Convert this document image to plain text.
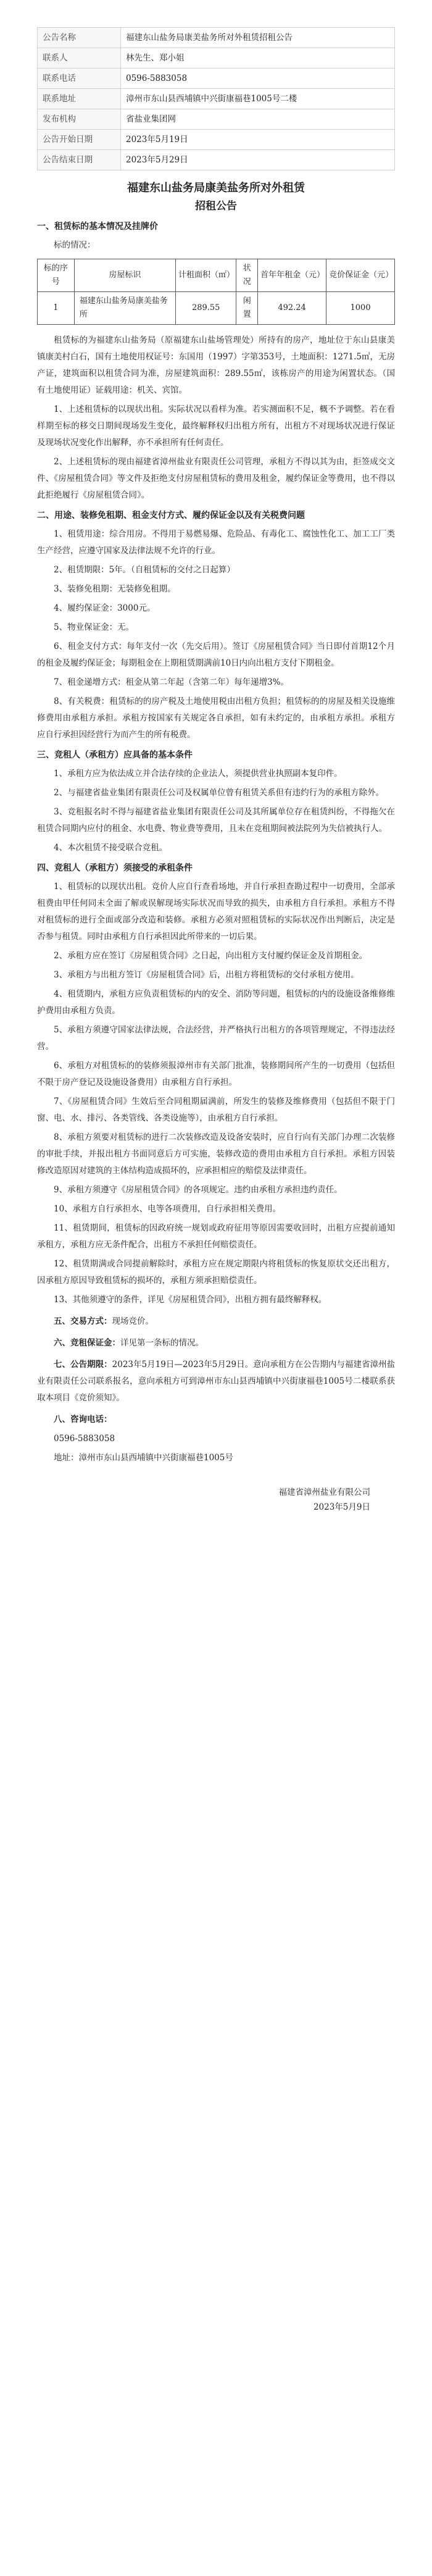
公告名称	福建东山盐务局康美盐务所对外租赁招租公告
联系人	林先生、郑小姐
联系电话	0596-5883058
联系地址	漳州市东山县西埔镇中兴街康福巷1005号二楼
发布机构	省盐业集团网
公告开始日期	2023年5月19日
公告结束日期	2023年5月29日
福建东山盐务局康美盐务所对外租赁
招租公告
一、租赁标的基本情况及挂牌价

标的情况：

标的序号	房屋标识	计租面积（㎡）	状况	首年年租金（元）	竞价保证金（元）
1	福建东山盐务局康美盐务所	289.55	闲置	492.24	1000

租赁标的为福建东山盐务局（原福建东山盐场管理处）所持有的房产，地址位于东山县康美镇康美村白石，国有土地使用权证号：东国用（1997）字第353号，土地面积：1271.5㎡，无房产证，建筑面积以租赁合同为准，房屋建筑面积：289.55㎡，该栋房产的用途为闲置状态。（国有土地使用证）证载用途：机关、宾馆。

1、上述租赁标的以现状出租。实际状况以看样为准。若实测面积不足，概不予调整。若在看样期至标的移交日期间现场发生变化，最终解释权归出租方所有，出租方不对现场状况进行保证及现场状况变化作出解释，亦不承担所有任何责任。

2、上述租赁标的现由福建省漳州盐业有限责任公司管理，承租方不得以其为由，拒签成交文件、《房屋租赁合同》等文件及拒绝支付房屋租赁标的费用及租金，履约保证金等费用，也不得以此拒绝履行《房屋租赁合同》。

二、用途、装修免租期、租金支付方式、履约保证金以及有关税费问题

1、租赁用途：综合用房。不得用于易燃易爆、危险品、有毒化工、腐蚀性化工、加工工厂类生产经营，应遵守国家及法律法规不允许的行业。

2、租赁期限：5年。（自租赁标的交付之日起算）

3、装修免租期：无装修免租期。

4、履约保证金：3000元。

5、物业保证金：无。

6、租金支付方式：每年支付一次（先交后用）。签订《房屋租赁合同》当日即付首期12个月的租金及履约保证金；每期租金在上期租赁期满前10日内向出租方支付下期租金。

7、租金递增方式：租金从第二年起（含第二年）每年递增3%。

8、有关税费：租赁标的的房产税及土地使用税由出租方负担；租赁标的的房屋及相关设施维修费用由承租方承担。承租方按国家有关规定各自承担，如有未约定的，由承租方承担。承租方应自行承担因经营行为而产生的所有税费。

三、竞租人（承租方）应具备的基本条件

1、承租方应为依法成立并合法存续的企业法人，须提供营业执照副本复印件。

2、与福建省盐业集团有限责任公司及权属单位曾有租赁关系但有违约行为的承租方除外。

3、竞租报名时不得与福建省盐业集团有限责任公司及其所属单位存在租赁纠纷，不得拖欠在租赁合同期内应付的租金、水电费、物业费等费用，且未在竞租期间被法院列为失信被执行人。

4、本次租赁不接受联合竞租。

四、竞租人（承租方）须接受的承租条件

1、租赁标的以现状出租。竞价人应自行查看场地，并自行承担查勘过程中一切费用，全部承租费由甲任何同未全面了解或误解现场实际状况而导致的损失，由承租方自行承担。承租方不得对租赁标的进行全面或部分改造和装修。承租方必须对照租赁标的实际状况作出判断后，决定是否参与租赁。同时由承租方自行承担因此所带来的一切后果。

2、承租方应在签订《房屋租赁合同》之日起，向出租方支付履约保证金及首期租金。

3、承租方与出租方签订《房屋租赁合同》后，出租方将租赁标的交付承租方使用。

4、租赁期内，承租方应负责租赁标的内的安全、消防等问题，租赁标的内的设施设备维修维护费用由承租方负责。

5、承租方须遵守国家法律法规，合法经营，并严格执行出租方的各项管理规定，不得违法经营。

6、承租方对租赁标的的装修须报漳州市有关部门批准，装修期间所产生的一切费用（包括但不限于房产登记及设施设备费用）由承租方自行承担。

7、《房屋租赁合同》生效后至合同租期届满前，所发生的装修及维修费用（包括但不限于门窗、电、水、排污、各类管线、各类设施等），由承租方自行承担。

8、承租方须要对租赁标的进行二次装修改造及设备安装时，应自行向有关部门办理二次装修的审批手续，并报出租方书面同意后方可实施，装修改造的费用由承租方自行承担。承租方因装修改造原因对建筑的主体结构造成损坏的，应承担相应的赔偿及法律责任。

9、承租方须遵守《房屋租赁合同》的各项规定。违约由承租方承担违约责任。

10、承租方自行承担水、电等各项费用，自行承担相关费用。

11、租赁期间，租赁标的因政府统一规划或政府征用等原因需要收回时，出租方应提前通知承租方，承租方应无条件配合，出租方不承担任何赔偿责任。

12、租赁期满或合同提前解除时，承租方应在规定期限内将租赁标的恢复原状交还出租方，因承租方原因导致租赁标的损坏的，承租方须承担赔偿责任。

13、其他须遵守的条件，详见《房屋租赁合同》，出租方拥有最终解释权。

五、交易方式：现场竞价。

六、竞租保证金：详见第一条标的情况。

七、公告期限：2023年5月19日—2023年5月29日。意向承租方在公告期内与福建省漳州盐业有限责任公司联系报名，意向承租方可到漳州市东山县西埔镇中兴街康福巷1005号二楼联系获取本项目《竞价须知》。

八、咨询电话：

0596-5883058

地址：漳州市东山县西埔镇中兴街康福巷1005号

福建省漳州盐业有限公司
2023年5月9日
